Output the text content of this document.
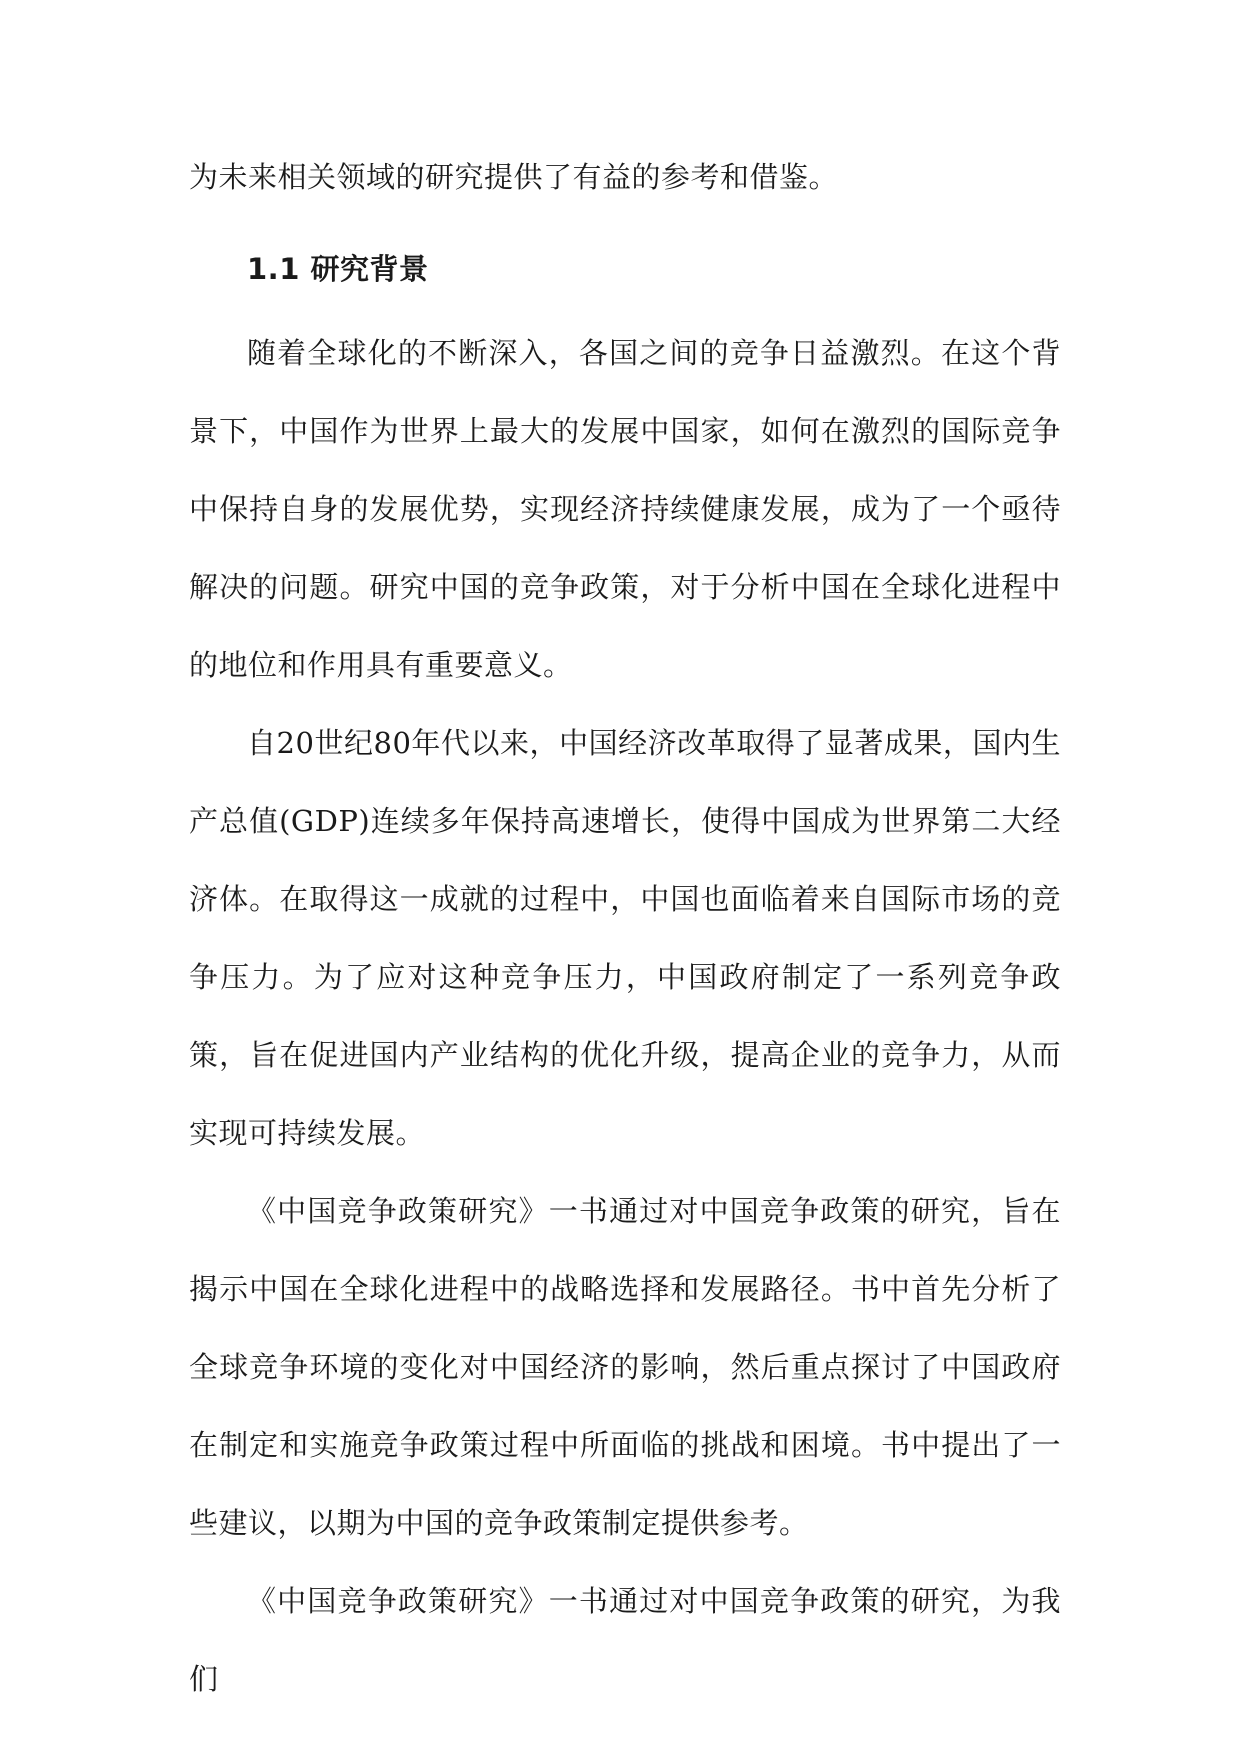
为未来相关领域的研究提供了有益的参考和借鉴。

1.1 研究背景

随着全球化的不断深入，各国之间的竞争日益激烈。在这个背景下，中国作为世界上最大的发展中国家，如何在激烈的国际竞争中保持自身的发展优势，实现经济持续健康发展，成为了一个亟待解决的问题。研究中国的竞争政策，对于分析中国在全球化进程中的地位和作用具有重要意义。

自20世纪80年代以来，中国经济改革取得了显著成果，国内生产总值(GDP)连续多年保持高速增长，使得中国成为世界第二大经济体。在取得这一成就的过程中，中国也面临着来自国际市场的竞争压力。为了应对这种竞争压力，中国政府制定了一系列竞争政策，旨在促进国内产业结构的优化升级，提高企业的竞争力，从而实现可持续发展。

《中国竞争政策研究》一书通过对中国竞争政策的研究，旨在揭示中国在全球化进程中的战略选择和发展路径。书中首先分析了全球竞争环境的变化对中国经济的影响，然后重点探讨了中国政府在制定和实施竞争政策过程中所面临的挑战和困境。书中提出了一些建议，以期为中国的竞争政策制定提供参考。

《中国竞争政策研究》一书通过对中国竞争政策的研究，为我们
